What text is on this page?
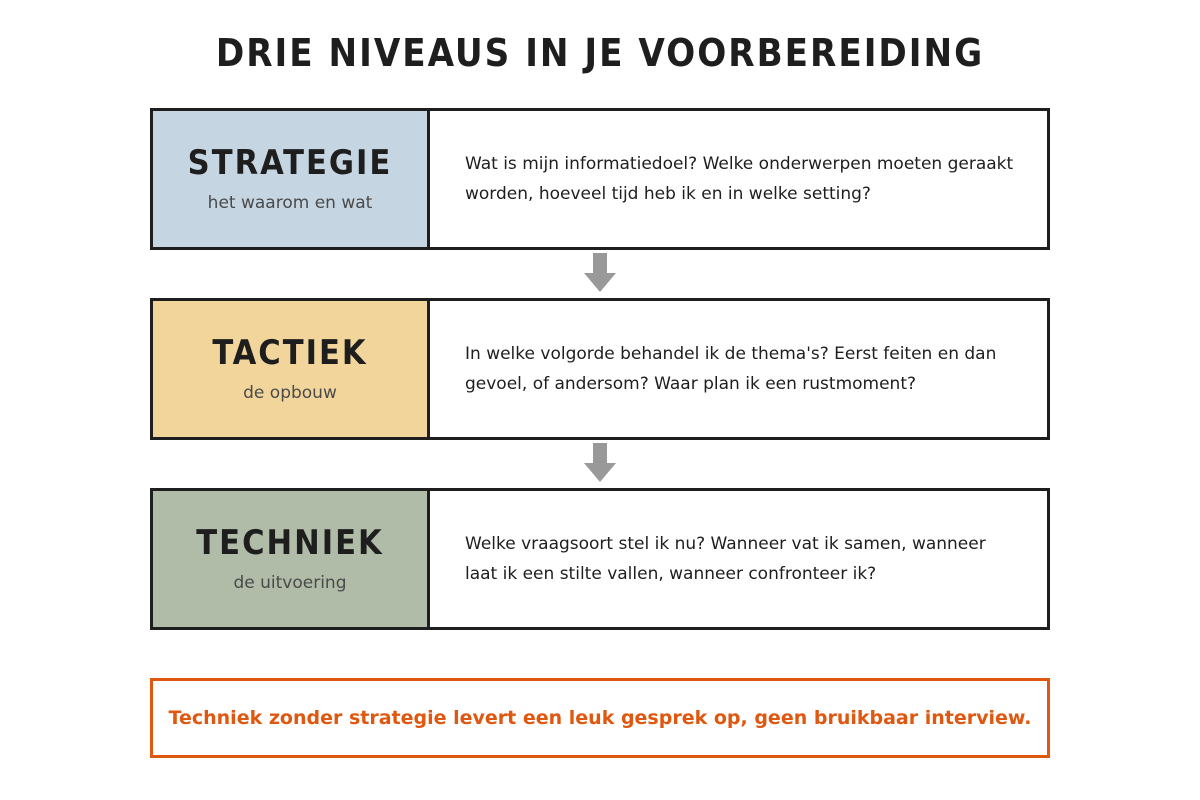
DRIE NIVEAUS IN JE VOORBEREIDING
STRATEGIE
het waarom en wat
Wat is mijn informatiedoel? Welke onderwerpen moeten geraakt worden, hoeveel tijd heb ik en in welke setting?
TACTIEK
de opbouw
In welke volgorde behandel ik de thema's? Eerst feiten en dan gevoel, of andersom? Waar plan ik een rustmoment?
TECHNIEK
de uitvoering
Welke vraagsoort stel ik nu? Wanneer vat ik samen, wanneer laat ik een stilte vallen, wanneer confronteer ik?
Techniek zonder strategie levert een leuk gesprek op, geen bruikbaar interview.
